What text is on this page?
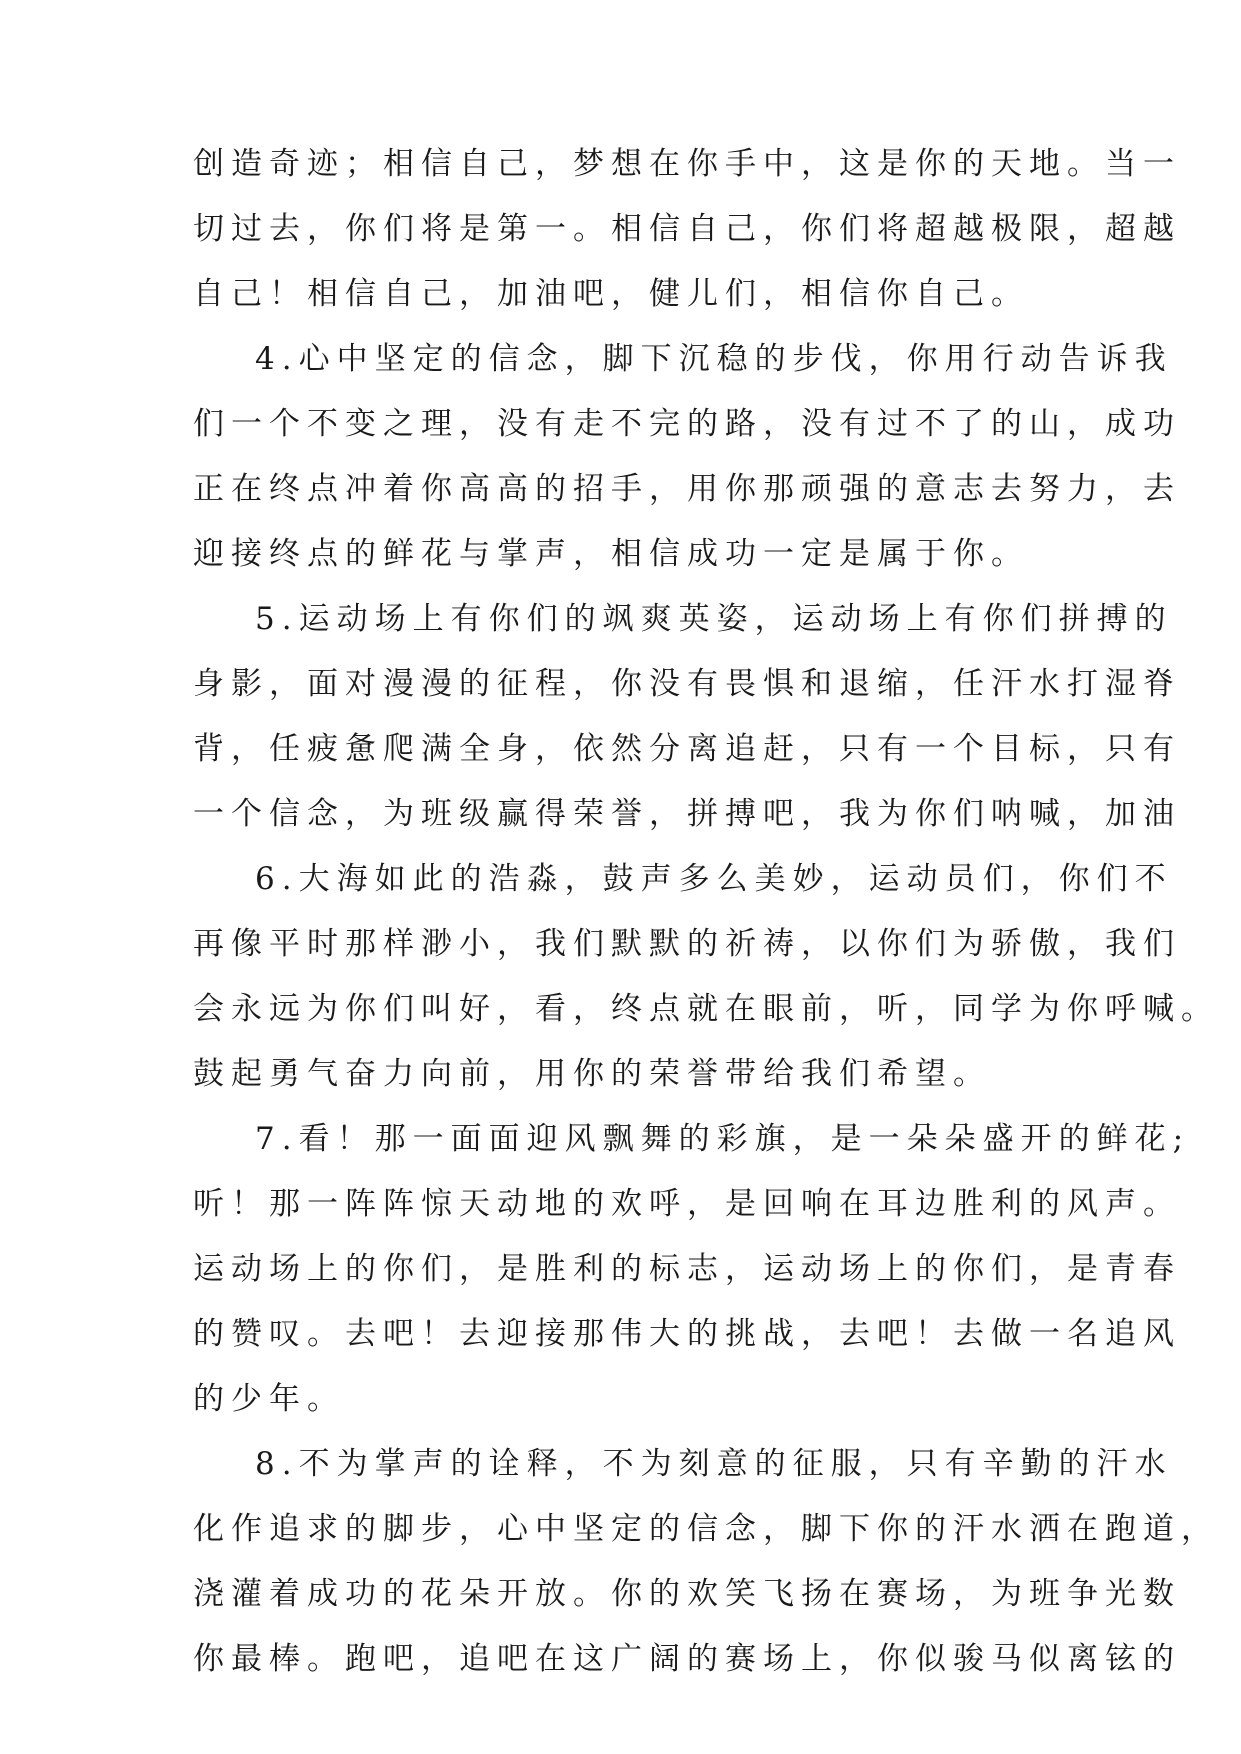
创造奇迹；相信自己，梦想在你手中，这是你的天地。当一
切过去，你们将是第一。相信自己，你们将超越极限，超越
自己！相信自己，加油吧，健儿们，相信你自己。
4.心中坚定的信念，脚下沉稳的步伐，你用行动告诉我
们一个不变之理，没有走不完的路，没有过不了的山，成功
正在终点冲着你高高的招手，用你那顽强的意志去努力，去
迎接终点的鲜花与掌声，相信成功一定是属于你。
5.运动场上有你们的飒爽英姿，运动场上有你们拼搏的
身影，面对漫漫的征程，你没有畏惧和退缩，任汗水打湿脊
背，任疲惫爬满全身，依然分离追赶，只有一个目标，只有
一个信念，为班级赢得荣誉，拼搏吧，我为你们呐喊，加油
6.大海如此的浩淼，鼓声多么美妙，运动员们，你们不
再像平时那样渺小，我们默默的祈祷，以你们为骄傲，我们
会永远为你们叫好，看，终点就在眼前，听，同学为你呼喊。
鼓起勇气奋力向前，用你的荣誉带给我们希望。
7.看！那一面面迎风飘舞的彩旗，是一朵朵盛开的鲜花;
听！那一阵阵惊天动地的欢呼，是回响在耳边胜利的风声。
运动场上的你们，是胜利的标志，运动场上的你们，是青春
的赞叹。去吧！去迎接那伟大的挑战，去吧！去做一名追风
的少年。
8.不为掌声的诠释，不为刻意的征服，只有辛勤的汗水
化作追求的脚步，心中坚定的信念，脚下你的汗水洒在跑道，
浇灌着成功的花朵开放。你的欢笑飞扬在赛场，为班争光数
你最棒。跑吧，追吧在这广阔的赛场上，你似骏马似离铉的
